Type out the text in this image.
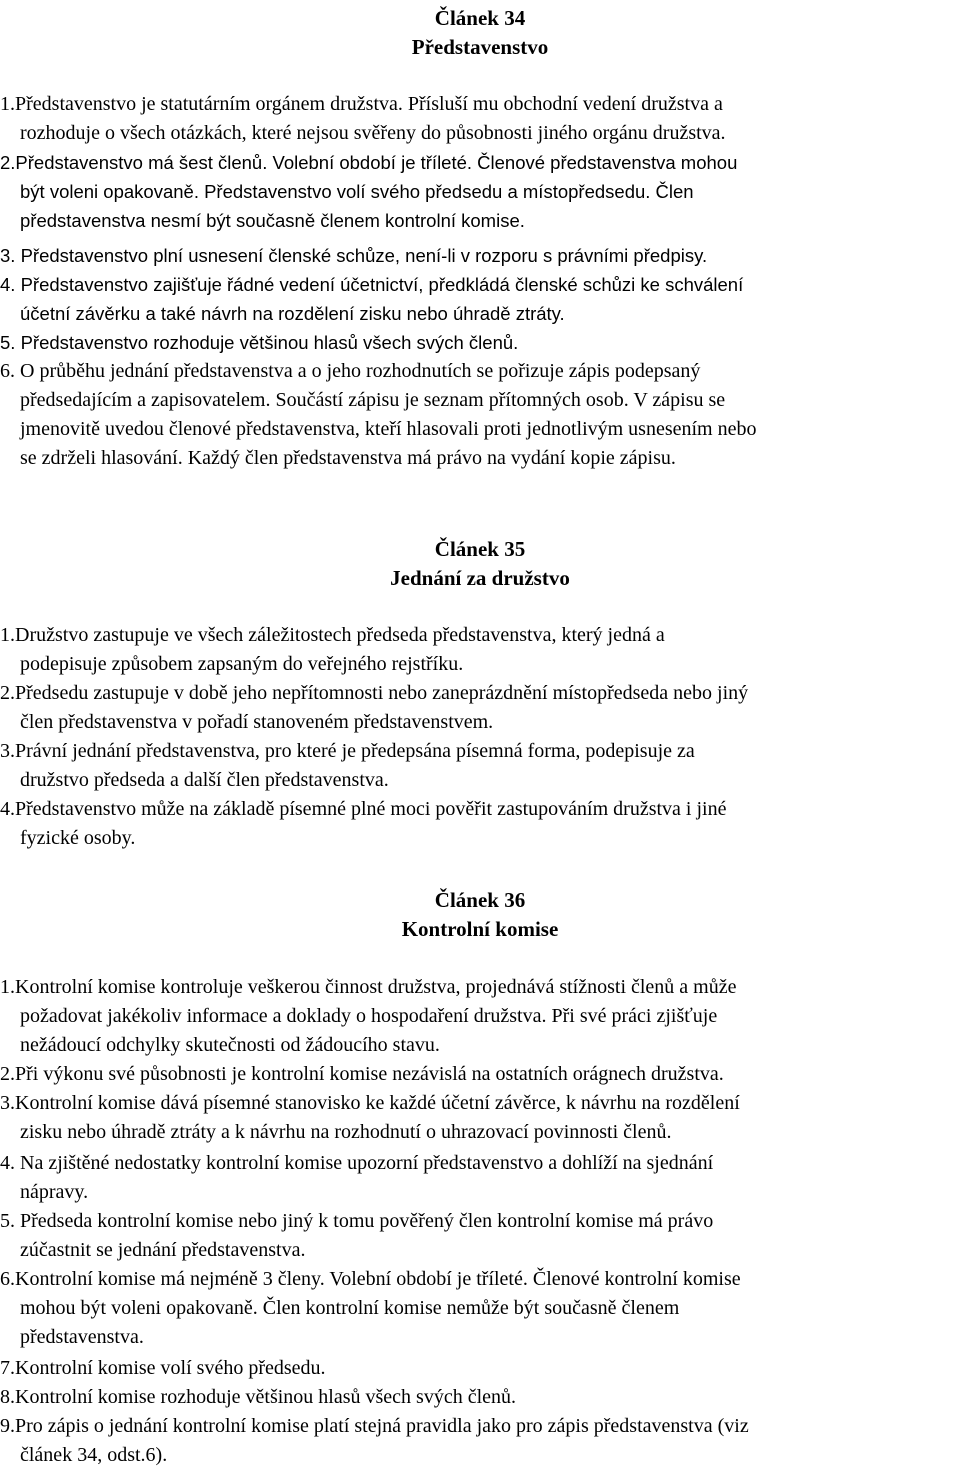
Článek 34
Představenstvo

1.Představenstvo je statutárním orgánem družstva. Přísluší mu obchodní vedení družstva a

rozhoduje o všech otázkách, které nejsou svěřeny do působnosti jiného orgánu družstva.

2.Představenstvo má šest členů. Volební období je tříleté. Členové představenstva mohou

být voleni opakovaně. Představenstvo volí svého předsedu a místopředsedu. Člen

představenstva nesmí být současně členem kontrolní komise.

3. Představenstvo plní usnesení členské schůze, není-li v rozporu s právními předpisy.

4. Představenstvo zajišťuje řádné vedení účetnictví, předkládá členské schůzi ke schválení

účetní závěrku a také návrh na rozdělení zisku nebo úhradě ztráty.

5. Představenstvo rozhoduje většinou hlasů všech svých členů.

6. O průběhu jednání představenstva a o jeho rozhodnutích se pořizuje zápis podepsaný

předsedajícím a zapisovatelem. Součástí zápisu je seznam přítomných osob. V zápisu se

jmenovitě uvedou členové představenstva, kteří hlasovali proti jednotlivým usnesením nebo

se zdrželi hlasování. Každý člen představenstva má právo na vydání kopie zápisu.

Článek 35
Jednání za družstvo

1.Družstvo zastupuje ve všech záležitostech předseda představenstva, který jedná a

podepisuje způsobem zapsaným do veřejného rejstříku.

2.Předsedu zastupuje v době jeho nepřítomnosti nebo zaneprázdnění místopředseda nebo jiný

člen představenstva v pořadí stanoveném představenstvem.

3.Právní jednání představenstva, pro které je předepsána písemná forma, podepisuje za

družstvo předseda a další člen představenstva.

4.Představenstvo může na základě písemné plné moci pověřit zastupováním družstva i jiné

fyzické osoby.

Článek 36
Kontrolní komise

1.Kontrolní komise kontroluje veškerou činnost družstva, projednává stížnosti členů a může

požadovat jakékoliv informace a doklady o hospodaření družstva. Při své práci zjišťuje

nežádoucí odchylky skutečnosti od žádoucího stavu.

2.Při výkonu své působnosti je kontrolní komise nezávislá na ostatních orágnech družstva.

3.Kontrolní komise dává písemné stanovisko ke každé účetní závěrce, k návrhu na rozdělení

zisku nebo úhradě ztráty a k návrhu na rozhodnutí o uhrazovací povinnosti členů.

4. Na zjištěné nedostatky kontrolní komise upozorní představenstvo a dohlíží na sjednání

nápravy.

5. Předseda kontrolní komise nebo jiný k tomu pověřený člen kontrolní komise má právo

zúčastnit se jednání představenstva.

6.Kontrolní komise má nejméně 3 členy. Volební období je tříleté. Členové kontrolní komise

mohou být voleni opakovaně. Člen kontrolní komise nemůže být současně členem

představenstva.

7.Kontrolní komise volí svého předsedu.

8.Kontrolní komise rozhoduje většinou hlasů všech svých členů.

9.Pro zápis o jednání kontrolní komise platí stejná pravidla jako pro zápis představenstva (viz

článek 34, odst.6).
